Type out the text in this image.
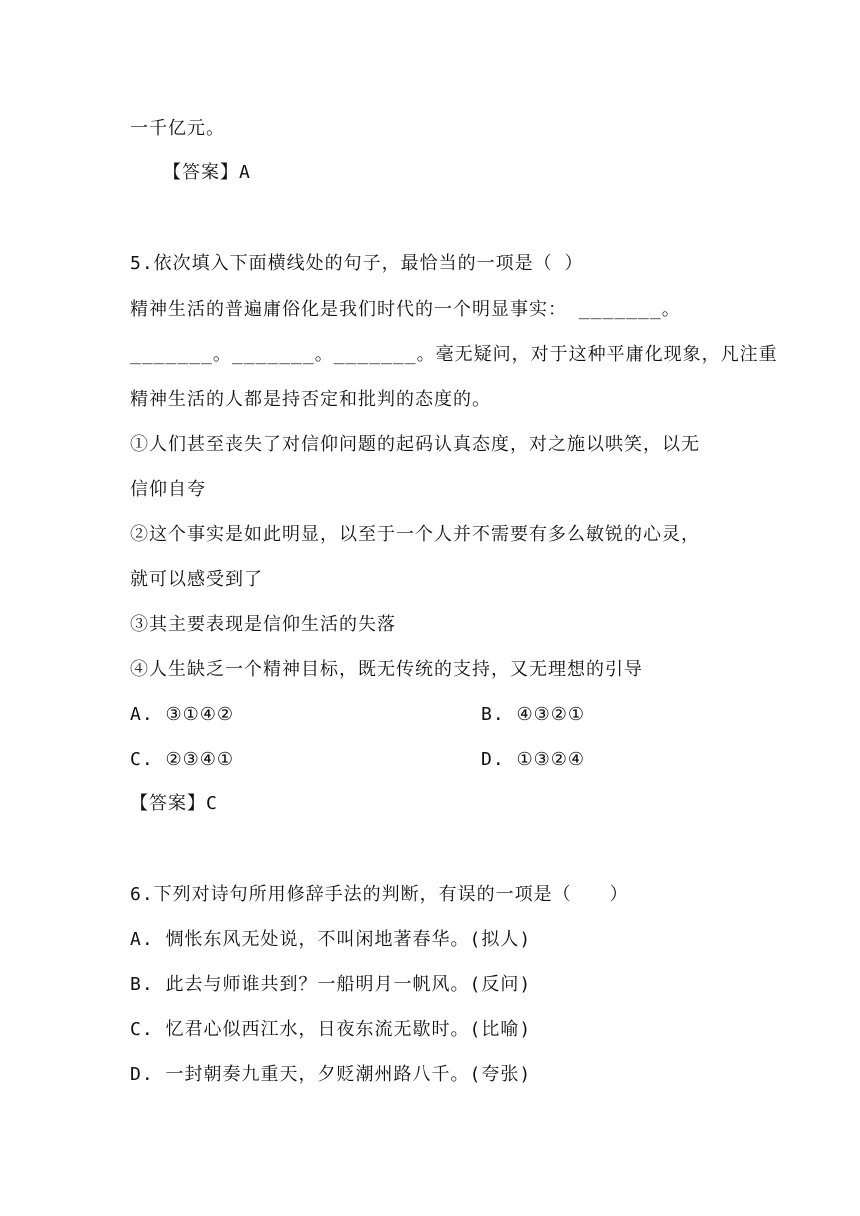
一千亿元。
【答案】A
5.依次填入下面横线处的句子，最恰当的一项是（ ）
精神生活的普遍庸俗化是我们时代的一个明显事实： _______。
_______。_______。_______。毫无疑问，对于这种平庸化现象，凡注重
精神生活的人都是持否定和批判的态度的。
①人们甚至丧失了对信仰问题的起码认真态度，对之施以哄笑，以无
信仰自夸
②这个事实是如此明显，以至于一个人并不需要有多么敏锐的心灵，
就可以感受到了
③其主要表现是信仰生活的失落
④人生缺乏一个精神目标，既无传统的支持，又无理想的引导
A. ③①④②	B. ④③②①
C. ②③④①	D. ①③②④
【答案】C
6.下列对诗句所用修辞手法的判断，有误的一项是（　　）
A. 惆怅东风无处说，不叫闲地著春华。(拟人)
B. 此去与师谁共到？一船明月一帆风。(反问)
C. 忆君心似西江水，日夜东流无歇时。(比喻)
D. 一封朝奏九重天，夕贬潮州路八千。(夸张)
